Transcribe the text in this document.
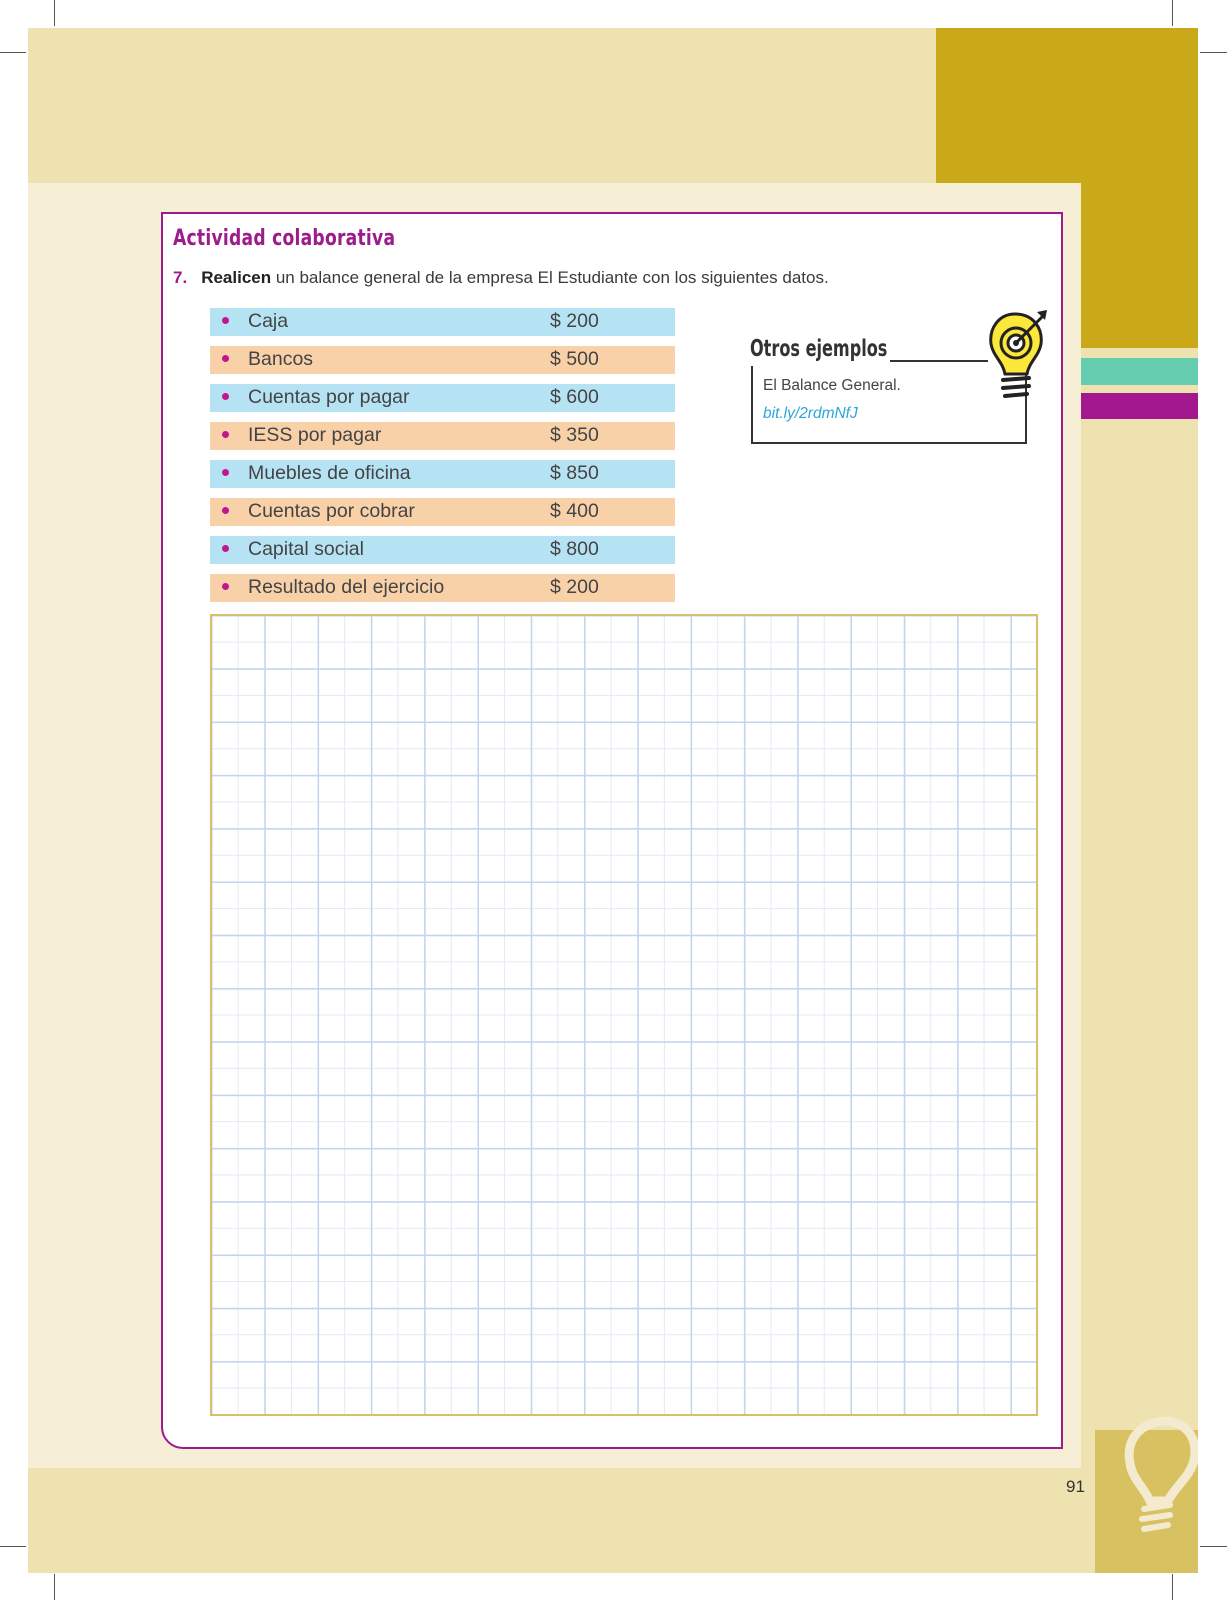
Actividad colaborativa
7. Realicen un balance general de la empresa El Estudiante con los siguientes datos.
Caja	$ 200
Bancos	$ 500
Cuentas por pagar	$ 600
IESS por pagar	$ 350
Muebles de oficina	$ 850
Cuentas por cobrar	$ 400
Capital social	$ 800
Resultado del ejercicio	$ 200
Otros ejemplos
El Balance General.
bit.ly/2rdmNfJ
91
